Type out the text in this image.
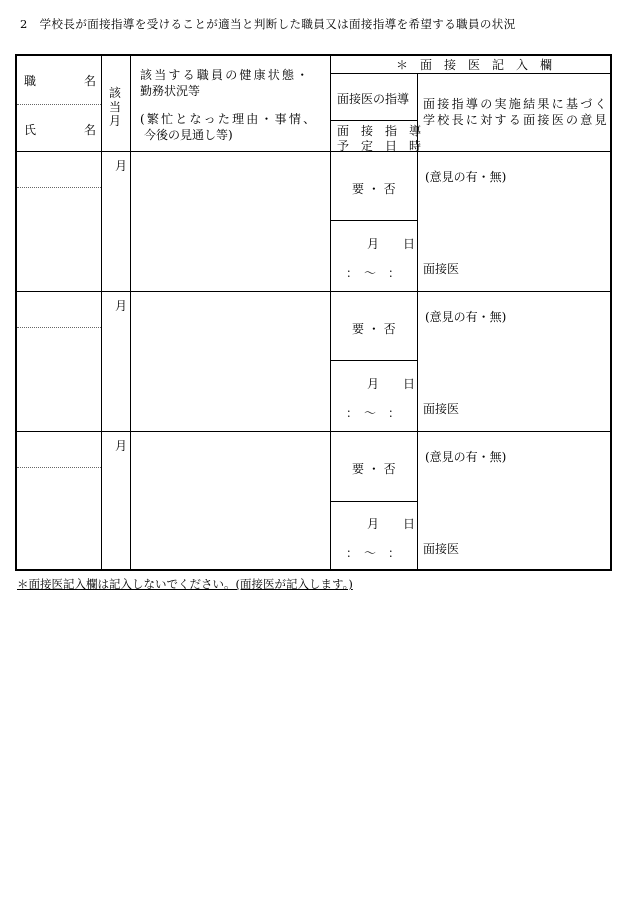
2　学校長が面接指導を受けることが適当と判断した職員又は面接指導を希望する職員の状況
職　　　　名
氏　　　　名
該当月
該当する職員の健康状態・
勤務状況等
(繁忙となった理由・事情、
今後の見通し等)
＊　面　接　医　記　入　欄
面接医の指導
面　接　指　導
予　定　日　時
面接指導の実施結果に基づく
学校長に対する面接医の意見
月
要 ・ 否
月　　日
：　～　：
(意見の有・無)
面接医
月
要 ・ 否
月　　日
：　～　：
(意見の有・無)
面接医
月
要 ・ 否
月　　日
：　～　：
(意見の有・無)
面接医
＊面接医記入欄は記入しないでください。(面接医が記入します。)
